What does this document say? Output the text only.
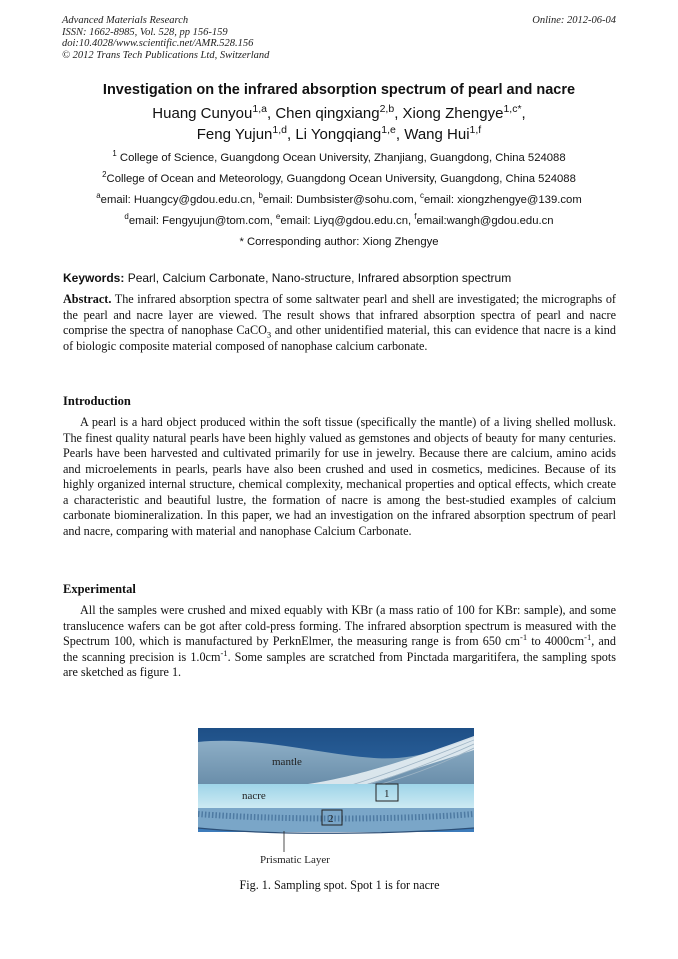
Advanced Materials Research
ISSN: 1662-8985, Vol. 528, pp 156-159
doi:10.4028/www.scientific.net/AMR.528.156
© 2012 Trans Tech Publications Ltd, Switzerland
Online: 2012-06-04
Investigation on the infrared absorption spectrum of pearl and nacre
Huang Cunyou$^{1,a}$, Chen qingxiang$^{2,b}$, Xiong Zhengye$^{1,c*}$,
Feng Yujun$^{1,d}$, Li Yongqiang$^{1,e}$, Wang Hui$^{1,f}$
$^1$ College of Science, Guangdong Ocean University, Zhanjiang, Guangdong, China 524088
$^2$College of Ocean and Meteorology, Guangdong Ocean University, Guangdong, China 524088
$^a$email: Huangcy@gdou.edu.cn, $^b$email: Dumbsister@sohu.com, $^c$email: xiongzhengye@139.com
$^d$email: Fengyujun@tom.com, $^e$email: Liyq@gdou.edu.cn, $^f$email:wangh@gdou.edu.cn
* Corresponding author: Xiong Zhengye
Keywords: Pearl, Calcium Carbonate, Nano-structure, Infrared absorption spectrum
Abstract. The infrared absorption spectra of some saltwater pearl and shell are investigated; the micrographs of the pearl and nacre layer are viewed. The result shows that infrared absorption spectra of pearl and nacre comprise the spectra of nanophase CaCO$_3$ and other unidentified material, this can evidence that nacre is a kind of biologic composite material composed of nanophase calcium carbonate.
Introduction
A pearl is a hard object produced within the soft tissue (specifically the mantle) of a living shelled mollusk. The finest quality natural pearls have been highly valued as gemstones and objects of beauty for many centuries. Pearls have been harvested and cultivated primarily for use in jewelry. Because there are calcium, amino acids and microelements in pearls, pearls have also been crushed and used in cosmetics, medicines. Because of its highly organized internal structure, chemical complexity, mechanical properties and optical effects, which create a characteristic and beautiful lustre, the formation of nacre is among the best-studied examples of calcium carbonate biomineralization. In this paper, we had an investigation on the infrared absorption spectrum of pearl and nacre, comparing with material and nanophase Calcium Carbonate.
Experimental
All the samples were crushed and mixed equably with KBr (a mass ratio of 100 for KBr: sample), and some translucence wafers can be got after cold-press forming. The infrared absorption spectrum is measured with the Spectrum 100, which is manufactured by PerknElmer, the measuring range is from 650 $cm^{-1}$ to $4000cm^{-1}$, and the scanning precision is $1.0cm^{-1}$. Some samples are scratched from Pinctada margaritifera, the sampling spots are sketched as figure 1.
mantle
nacre	1
2
Prismatic Layer
Fig. 1. Sampling spot. Spot 1 is for nacre
